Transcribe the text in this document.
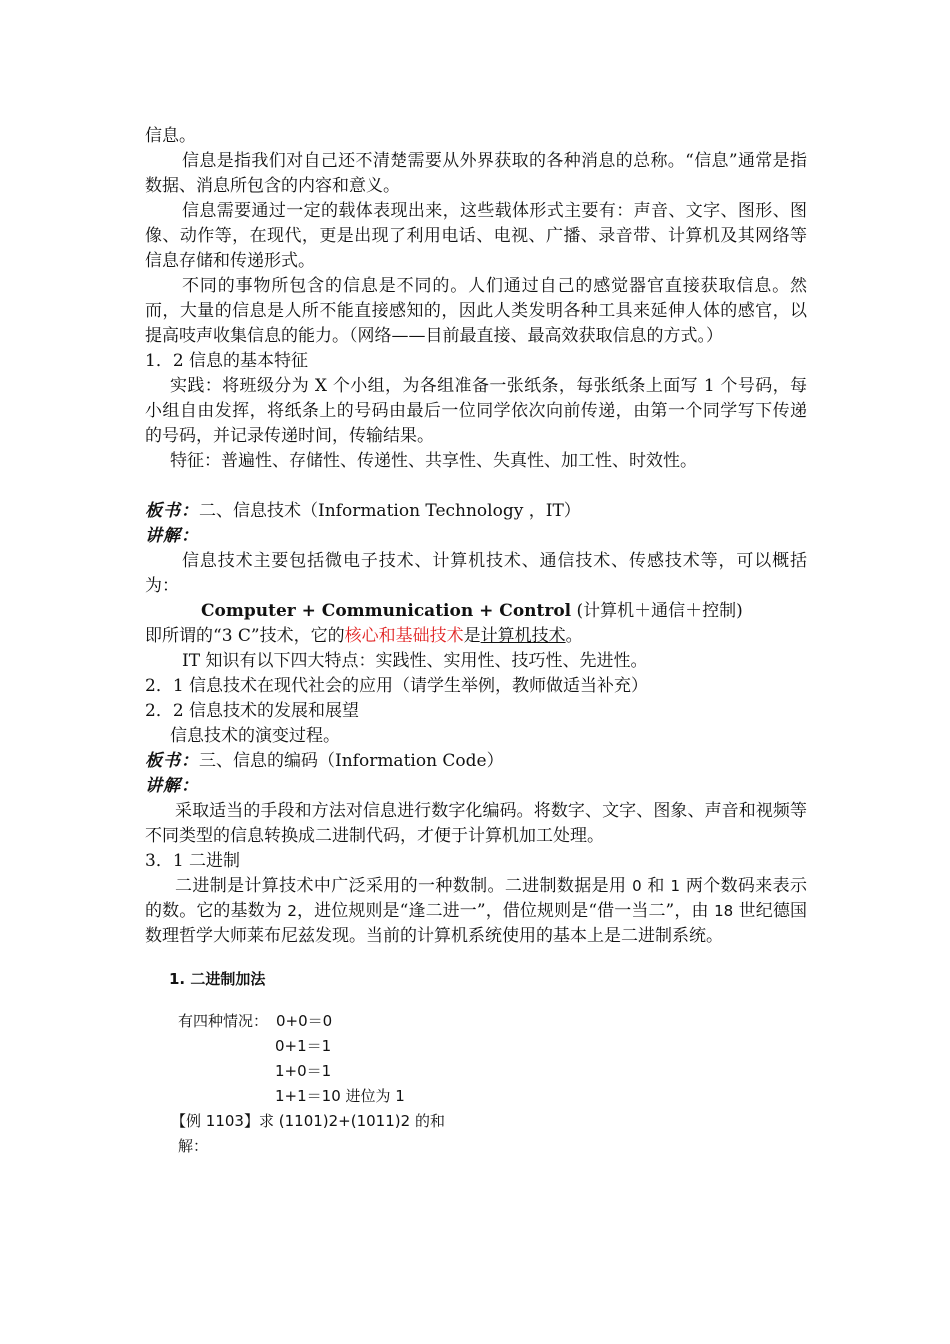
信息。

信息是指我们对自己还不清楚需要从外界获取的各种消息的总称。“信息”通常是指数据、消息所包含的内容和意义。

信息需要通过一定的载体表现出来，这些载体形式主要有：声音、文字、图形、图像、动作等，在现代，更是出现了利用电话、电视、广播、录音带、计算机及其网络等信息存储和传递形式。

不同的事物所包含的信息是不同的。人们通过自己的感觉器官直接获取信息。然而，大量的信息是人所不能直接感知的，因此人类发明各种工具来延伸人体的感官，以提高吱声收集信息的能力。（网络——目前最直接、最高效获取信息的方式。）

1．2 信息的基本特征

实践：将班级分为 X 个小组，为各组准备一张纸条，每张纸条上面写 1 个号码，每小组自由发挥，将纸条上的号码由最后一位同学依次向前传递，由第一个同学写下传递的号码，并记录传递时间，传输结果。

特征：普遍性、存储性、传递性、共享性、失真性、加工性、时效性。

板书：二、信息技术（Information Technology ，IT）

讲解：

信息技术主要包括微电子技术、计算机技术、通信技术、传感技术等，可以概括为：

Computer + Communication + Control (计算机＋通信＋控制)

即所谓的“3 C”技术，它的核心和基础技术是计算机技术。

IT 知识有以下四大特点：实践性、实用性、技巧性、先进性。

2．1 信息技术在现代社会的应用（请学生举例，教师做适当补充）

2．2 信息技术的发展和展望

信息技术的演变过程。

板书：三、信息的编码（Information Code）

讲解：

采取适当的手段和方法对信息进行数字化编码。将数字、文字、图象、声音和视频等不同类型的信息转换成二进制代码，才便于计算机加工处理。

3．1 二进制

二进制是计算技术中广泛采用的一种数制。二进制数据是用 0 和 1 两个数码来表示的数。它的基数为 2，进位规则是“逢二进一”，借位规则是“借一当二”，由 18 世纪德国数理哲学大师莱布尼兹发现。当前的计算机系统使用的基本上是二进制系统。

1. 二进制加法
有四种情况： 0+0＝0
0+1＝1
1+0＝1
1+1＝10 进位为 1
【例 1103】求 (1101)2+(1011)2 的和
解：
